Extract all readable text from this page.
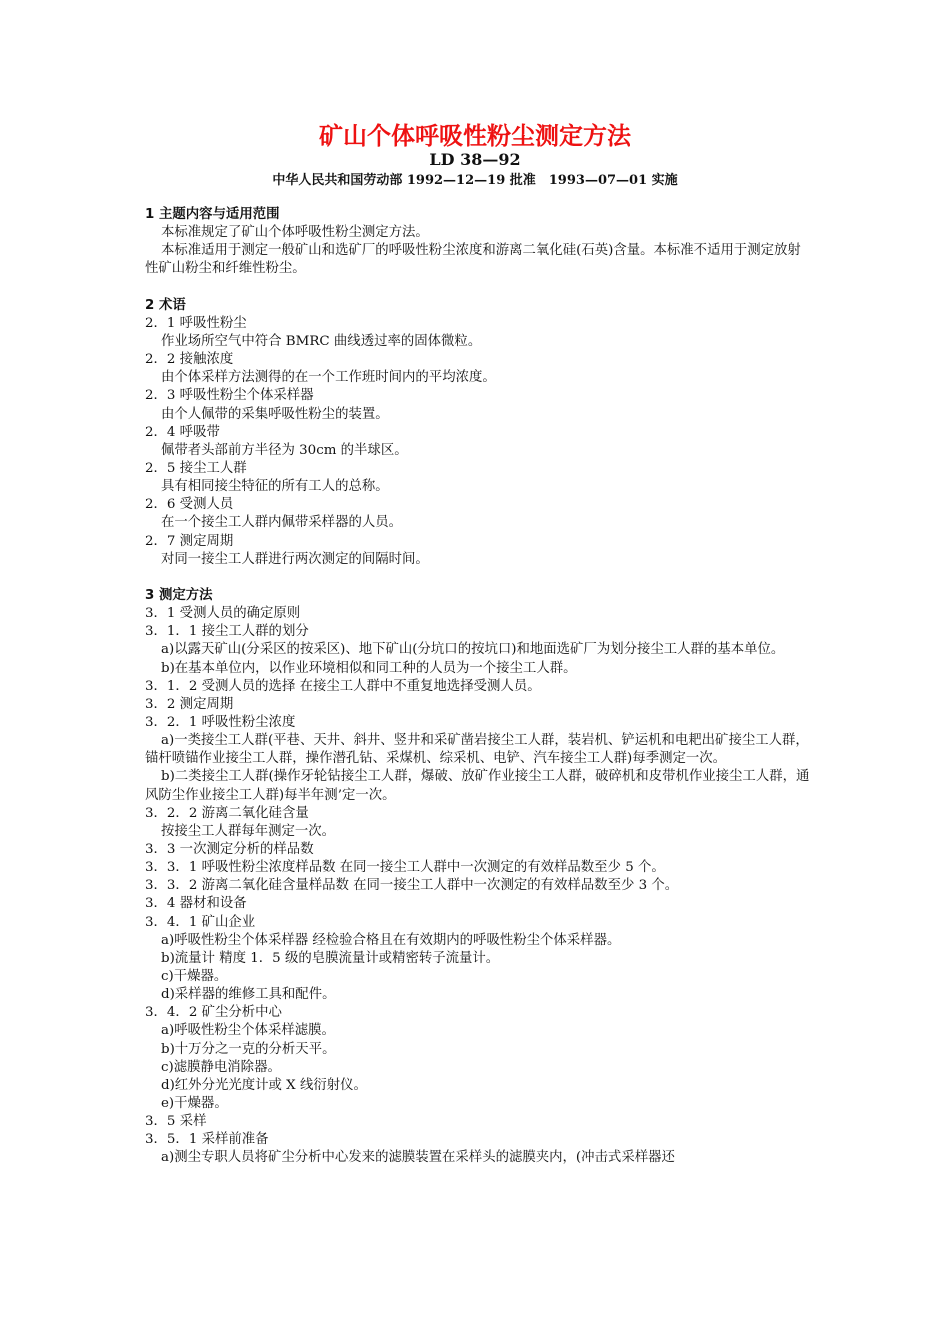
矿山个体呼吸性粉尘测定方法
LD 38—92
中华人民共和国劳动部 1992—12—19 批准　1993—07—01 实施
1 主题内容与适用范围
本标准规定了矿山个体呼吸性粉尘测定方法。
本标准适用于测定一般矿山和选矿厂的呼吸性粉尘浓度和游离二氧化硅(石英)含量。本标准不适用于测定放射性矿山粉尘和纤维性粉尘。
2 术语
2．1 呼吸性粉尘
作业场所空气中符合 BMRC 曲线透过率的固体微粒。
2．2 接触浓度
由个体采样方法测得的在一个工作班时间内的平均浓度。
2．3 呼吸性粉尘个体采样器
由个人佩带的采集呼吸性粉尘的装置。
2．4 呼吸带
佩带者头部前方半径为 30cm 的半球区。
2．5 接尘工人群
具有相同接尘特征的所有工人的总称。
2．6 受测人员
在一个接尘工人群内佩带采样器的人员。
2．7 测定周期
对同一接尘工人群进行两次测定的间隔时间。
3 测定方法
3．1 受测人员的确定原则
3．1．1 接尘工人群的划分
a)以露天矿山(分采区的按采区)、地下矿山(分坑口的按坑口)和地面选矿厂为划分接尘工人群的基本单位。
b)在基本单位内，以作业环境相似和同工种的人员为一个接尘工人群。
3．1．2 受测人员的选择 在接尘工人群中不重复地选择受测人员。
3．2 测定周期
3．2．1 呼吸性粉尘浓度
a)一类接尘工人群(平巷、天井、斜井、竖井和采矿凿岩接尘工人群，装岩机、铲运机和电耙出矿接尘工人群，锚杆喷锚作业接尘工人群，操作潜孔钻、采煤机、综采机、电铲、汽车接尘工人群)每季测定一次。
b)二类接尘工人群(操作牙轮钻接尘工人群，爆破、放矿作业接尘工人群，破碎机和皮带机作业接尘工人群，通风防尘作业接尘工人群)每半年测’定一次。
3．2．2 游离二氧化硅含量
按接尘工人群每年测定一次。
3．3 一次测定分析的样品数
3．3．1 呼吸性粉尘浓度样品数 在同一接尘工人群中一次测定的有效样品数至少 5 个。
3．3．2 游离二氧化硅含量样品数 在同一接尘工人群中一次测定的有效样品数至少 3 个。
3．4 器材和设备
3．4．1 矿山企业
a)呼吸性粉尘个体采样器 经检验合格且在有效期内的呼吸性粉尘个体采样器。
b)流量计 精度 1．5 级的皂膜流量计或精密转子流量计。
c)干燥器。
d)采样器的维修工具和配件。
3．4．2 矿尘分析中心
a)呼吸性粉尘个体采样滤膜。
b)十万分之一克的分析天平。
c)滤膜静电消除器。
d)红外分光光度计或 X 线衍射仪。
e)干燥器。
3．5 采样
3．5．1 采样前准备
a)测尘专职人员将矿尘分析中心发来的滤膜装置在采样头的滤膜夹内，(冲击式采样器还
